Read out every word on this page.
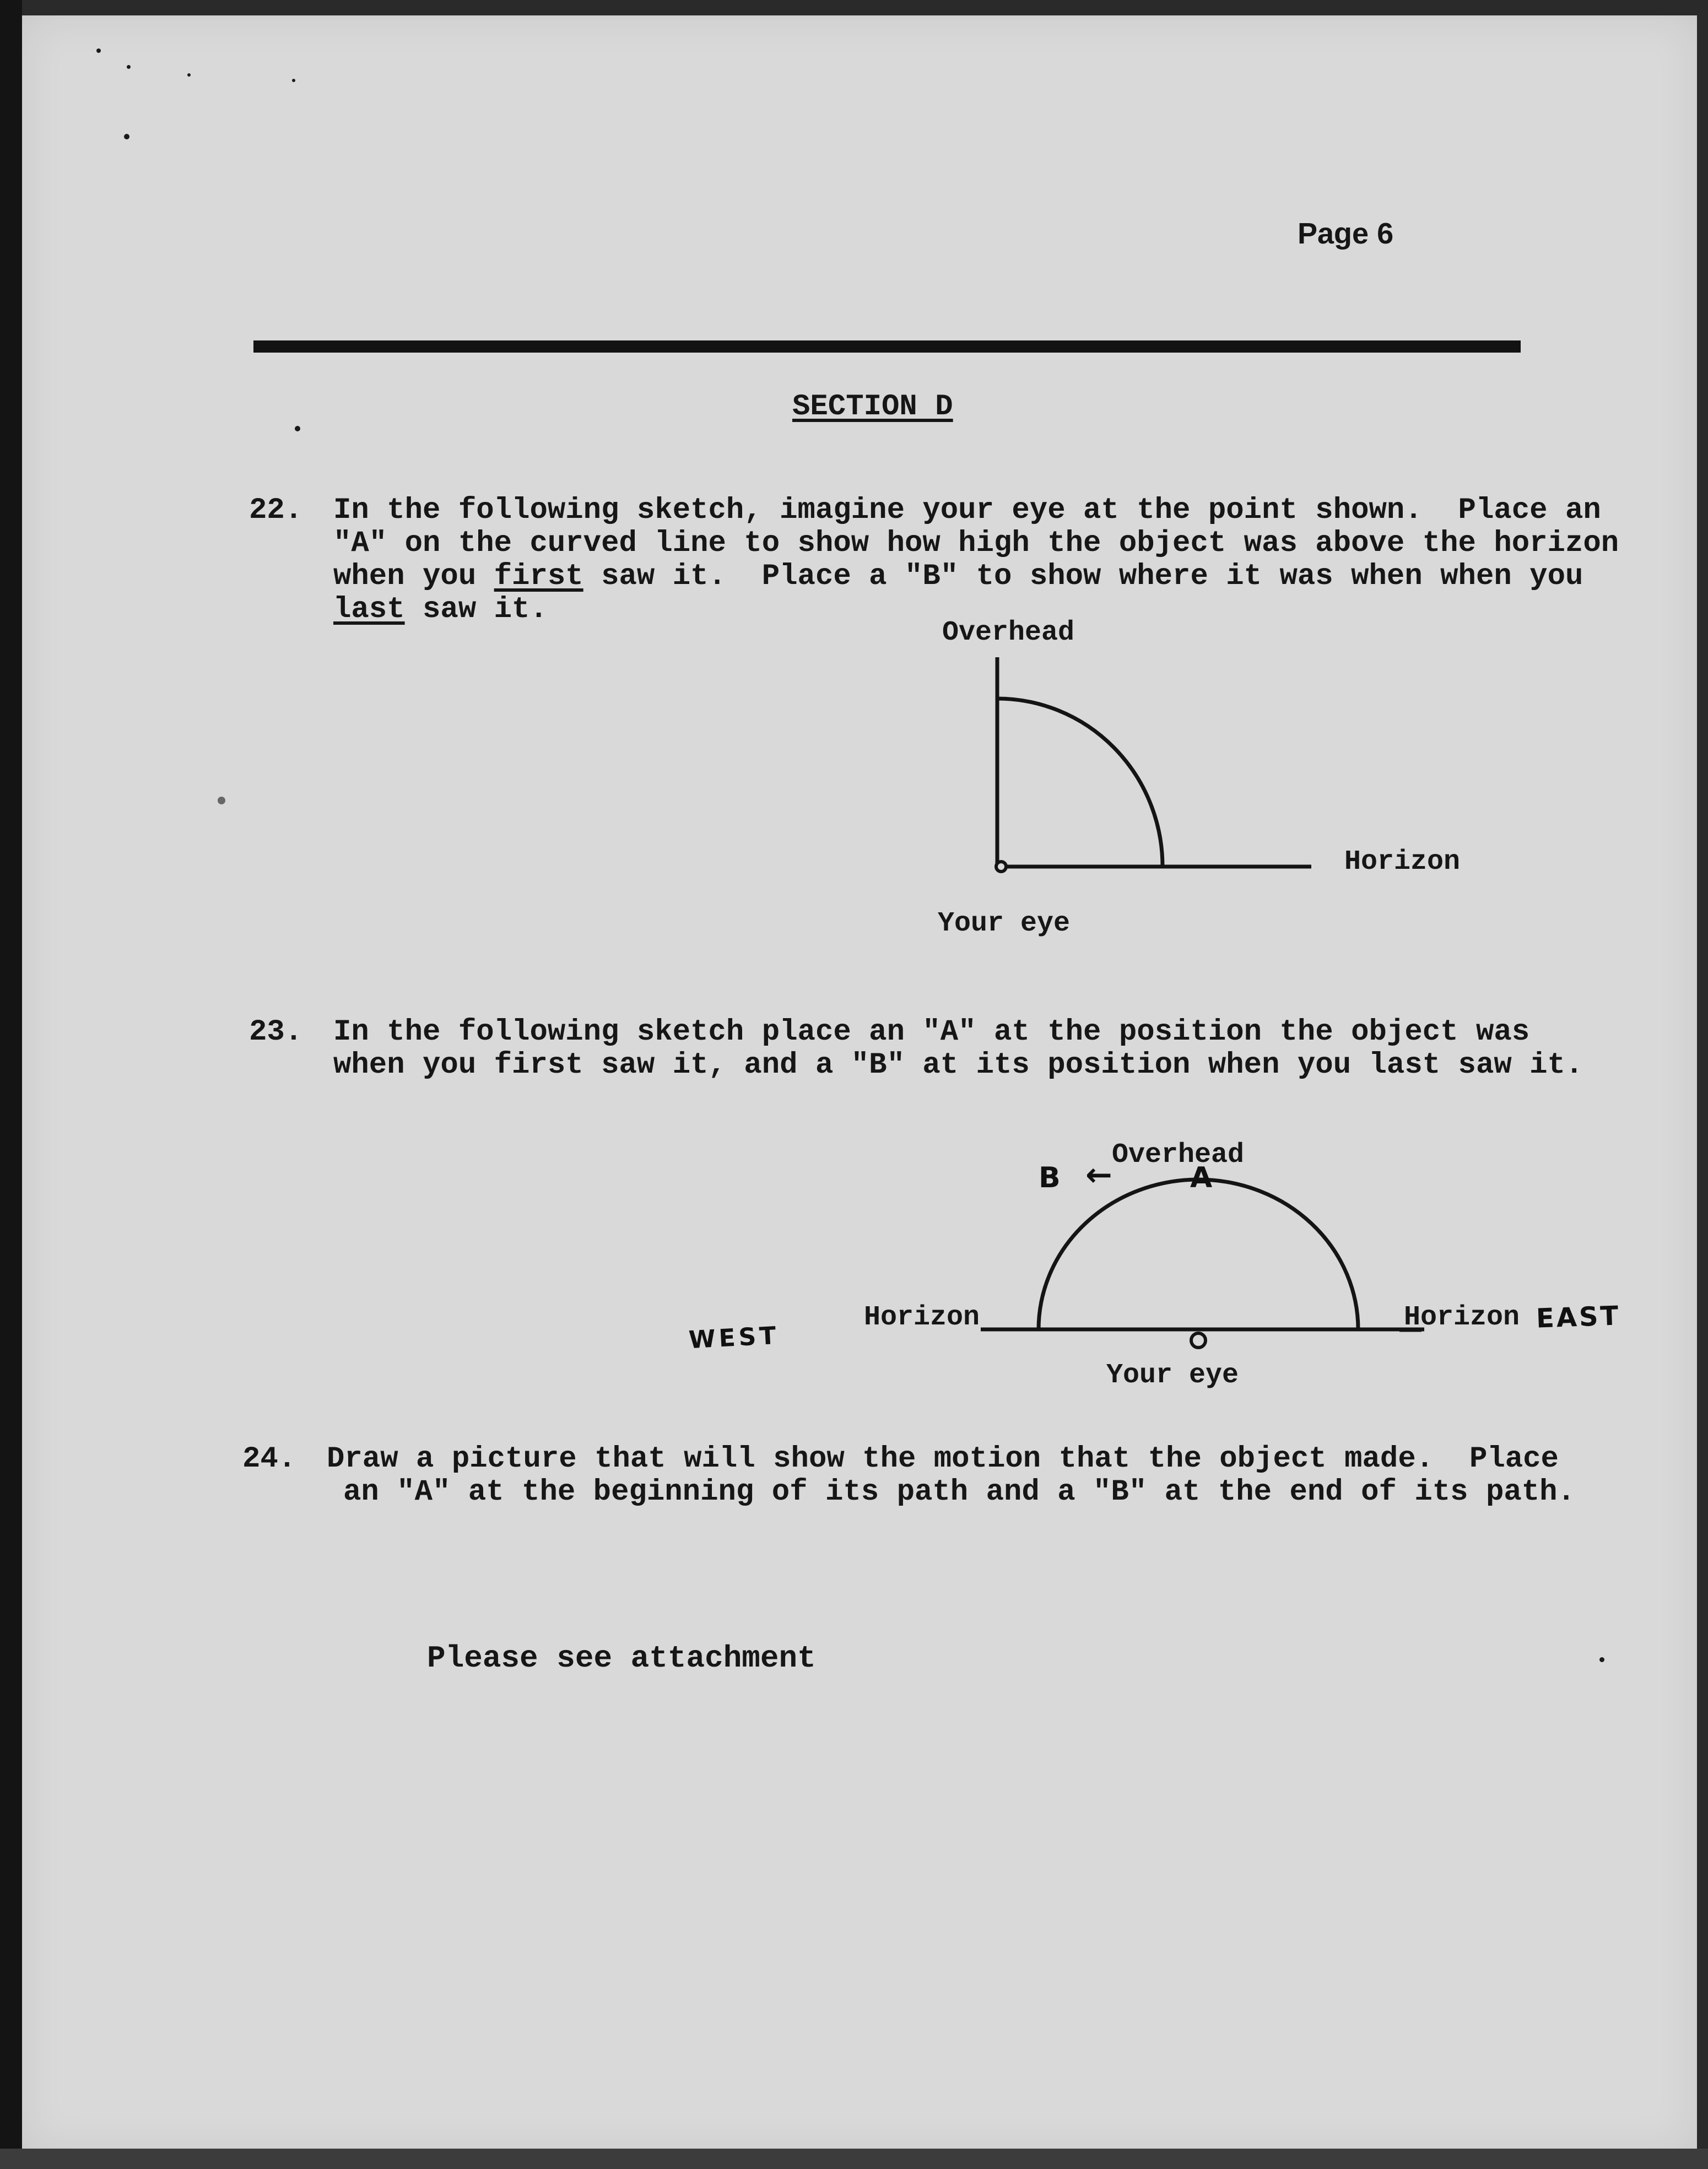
Page 6
SECTION D
22. In the following sketch, imagine your eye at the point shown.  Place an
"A" on the curved line to show how high the object was above the horizon
when you first saw it.  Place a "B" to show where it was when when you
last saw it.
Overhead
Horizon
Your eye
23. In the following sketch place an "A" at the position the object was
when you first saw it, and a "B" at its position when you last saw it.
Overhead
Horizon	Horizon
Your eye
WEST
EAST
A
B ←
24. Draw a picture that will show the motion that the object made.  Place
an "A" at the beginning of its path and a "B" at the end of its path.
Please see attachment
